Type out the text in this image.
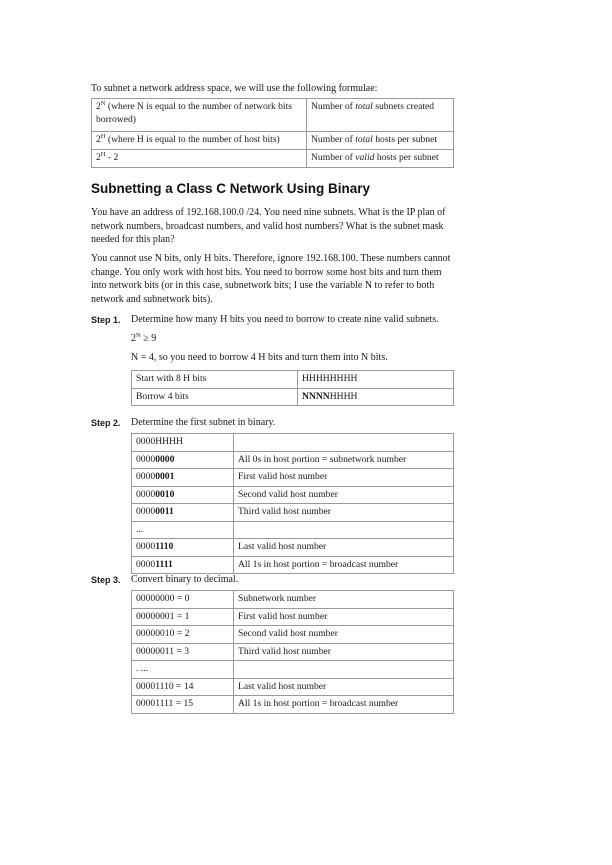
To subnet a network address space, we will use the following formulae:

$2^N$ (where N is equal to the number of network bits borrowed)	Number of total subnets created
$2^H$ (where H is equal to the number of host bits)	Number of total hosts per subnet
$2^H - 2$	Number of valid hosts per subnet
Subnetting a Class C Network Using Binary

You have an address of 192.168.100.0 /24. You need nine subnets. What is the IP plan of network numbers, broadcast numbers, and valid host numbers? What is the subnet mask needed for this plan?

You cannot use N bits, only H bits. Therefore, ignore 192.168.100. These numbers cannot change. You only work with host bits. You need to borrow some host bits and turn them into network bits (or in this case, subnetwork bits; I use the variable N to refer to both network and subnetwork bits).

Step 1. Determine how many H bits you need to borrow to create nine valid subnets.

$2^N \ge 9$

N = 4, so you need to borrow 4 H bits and turn them into N bits.

Start with 8 H bits	HHHHHHHH
Borrow 4 bits	NNNNHHHH
Step 2. Determine the first subnet in binary.

0000HHHH	
00000000	All 0s in host portion = subnetwork number
00000001	First valid host number
00000010	Second valid host number
00000011	Third valid host number
...	
00001110	Last valid host number
00001111	All 1s in host portion = broadcast number
Step 3. Convert binary to decimal.

00000000 = 0	Subnetwork number
00000001 = 1	First valid host number
00000010 = 2	Second valid host number
00000011 = 3	Third valid host number
. ...	
00001110 = 14	Last valid host number
00001111 = 15	All 1s in host portion = broadcast number
